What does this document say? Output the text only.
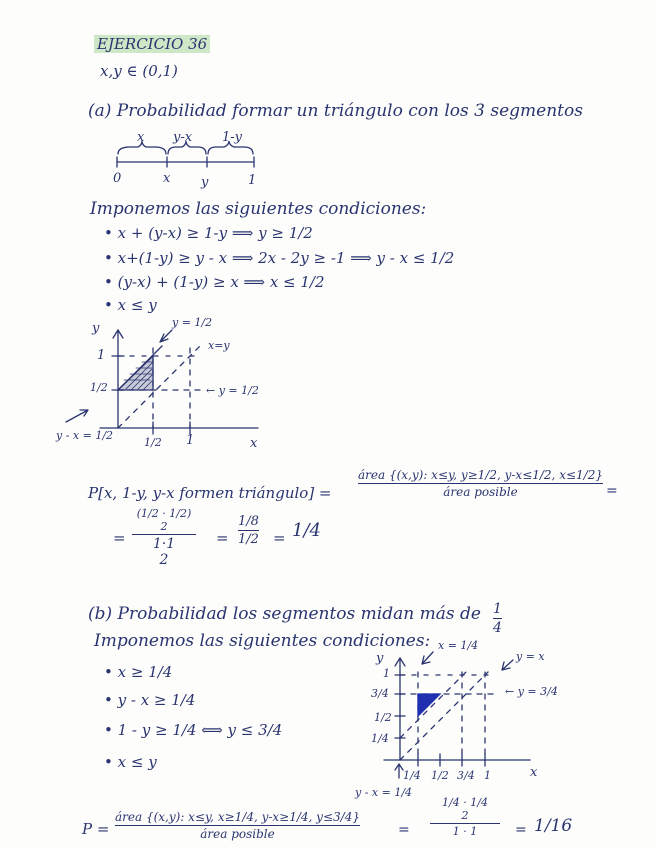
EJERCICIO 36
x,y ∈ (0,1)
(a) Probabilidad formar un triángulo con los 3 segmentos
x y-x 1-y
0	x y	1
Imponemos las siguientes condiciones:
• x + (y-x) ≥ 1-y ⟹ y ≥ 1/2
• x+(1-y) ≥ y - x ⟹ 2x - 2y ≥ -1 ⟹ y - x ≤ 1/2
• (y-x) + (1-y) ≥ x ⟹ x ≤ 1/2
• x ≤ y
y	y = 1/2
x=y
1
1/2	← y = 1/2
y - x = 1/2
1/2 1	x
P[x, 1-y, y-x formen triángulo] =
área {(x,y): x≤y, y≥1/2, y-x≤1/2, x≤1/2}
área posible	=
=
(1/2 · 1/2)
2
1·1
2
=
1/8
1/2 = 1/4
(b) Probabilidad los segmentos midan más de 1
4
Imponemos las siguientes condiciones:
• x ≥ 1/4
• y - x ≥ 1/4
• 1 - y ≥ 1/4 ⟺ y ≤ 3/4
• x ≤ y
y
x = 1/4
y = x
1
3/4	← y = 3/4
1/2
1/4
1/4 1/2 3/4 1	x
y - x = 1/4
P =
área {(x,y): x≤y, x≥1/4, y-x≥1/4, y≤3/4}
área posible	=
1/4 · 1/4
2
1 · 1	= 1/16
